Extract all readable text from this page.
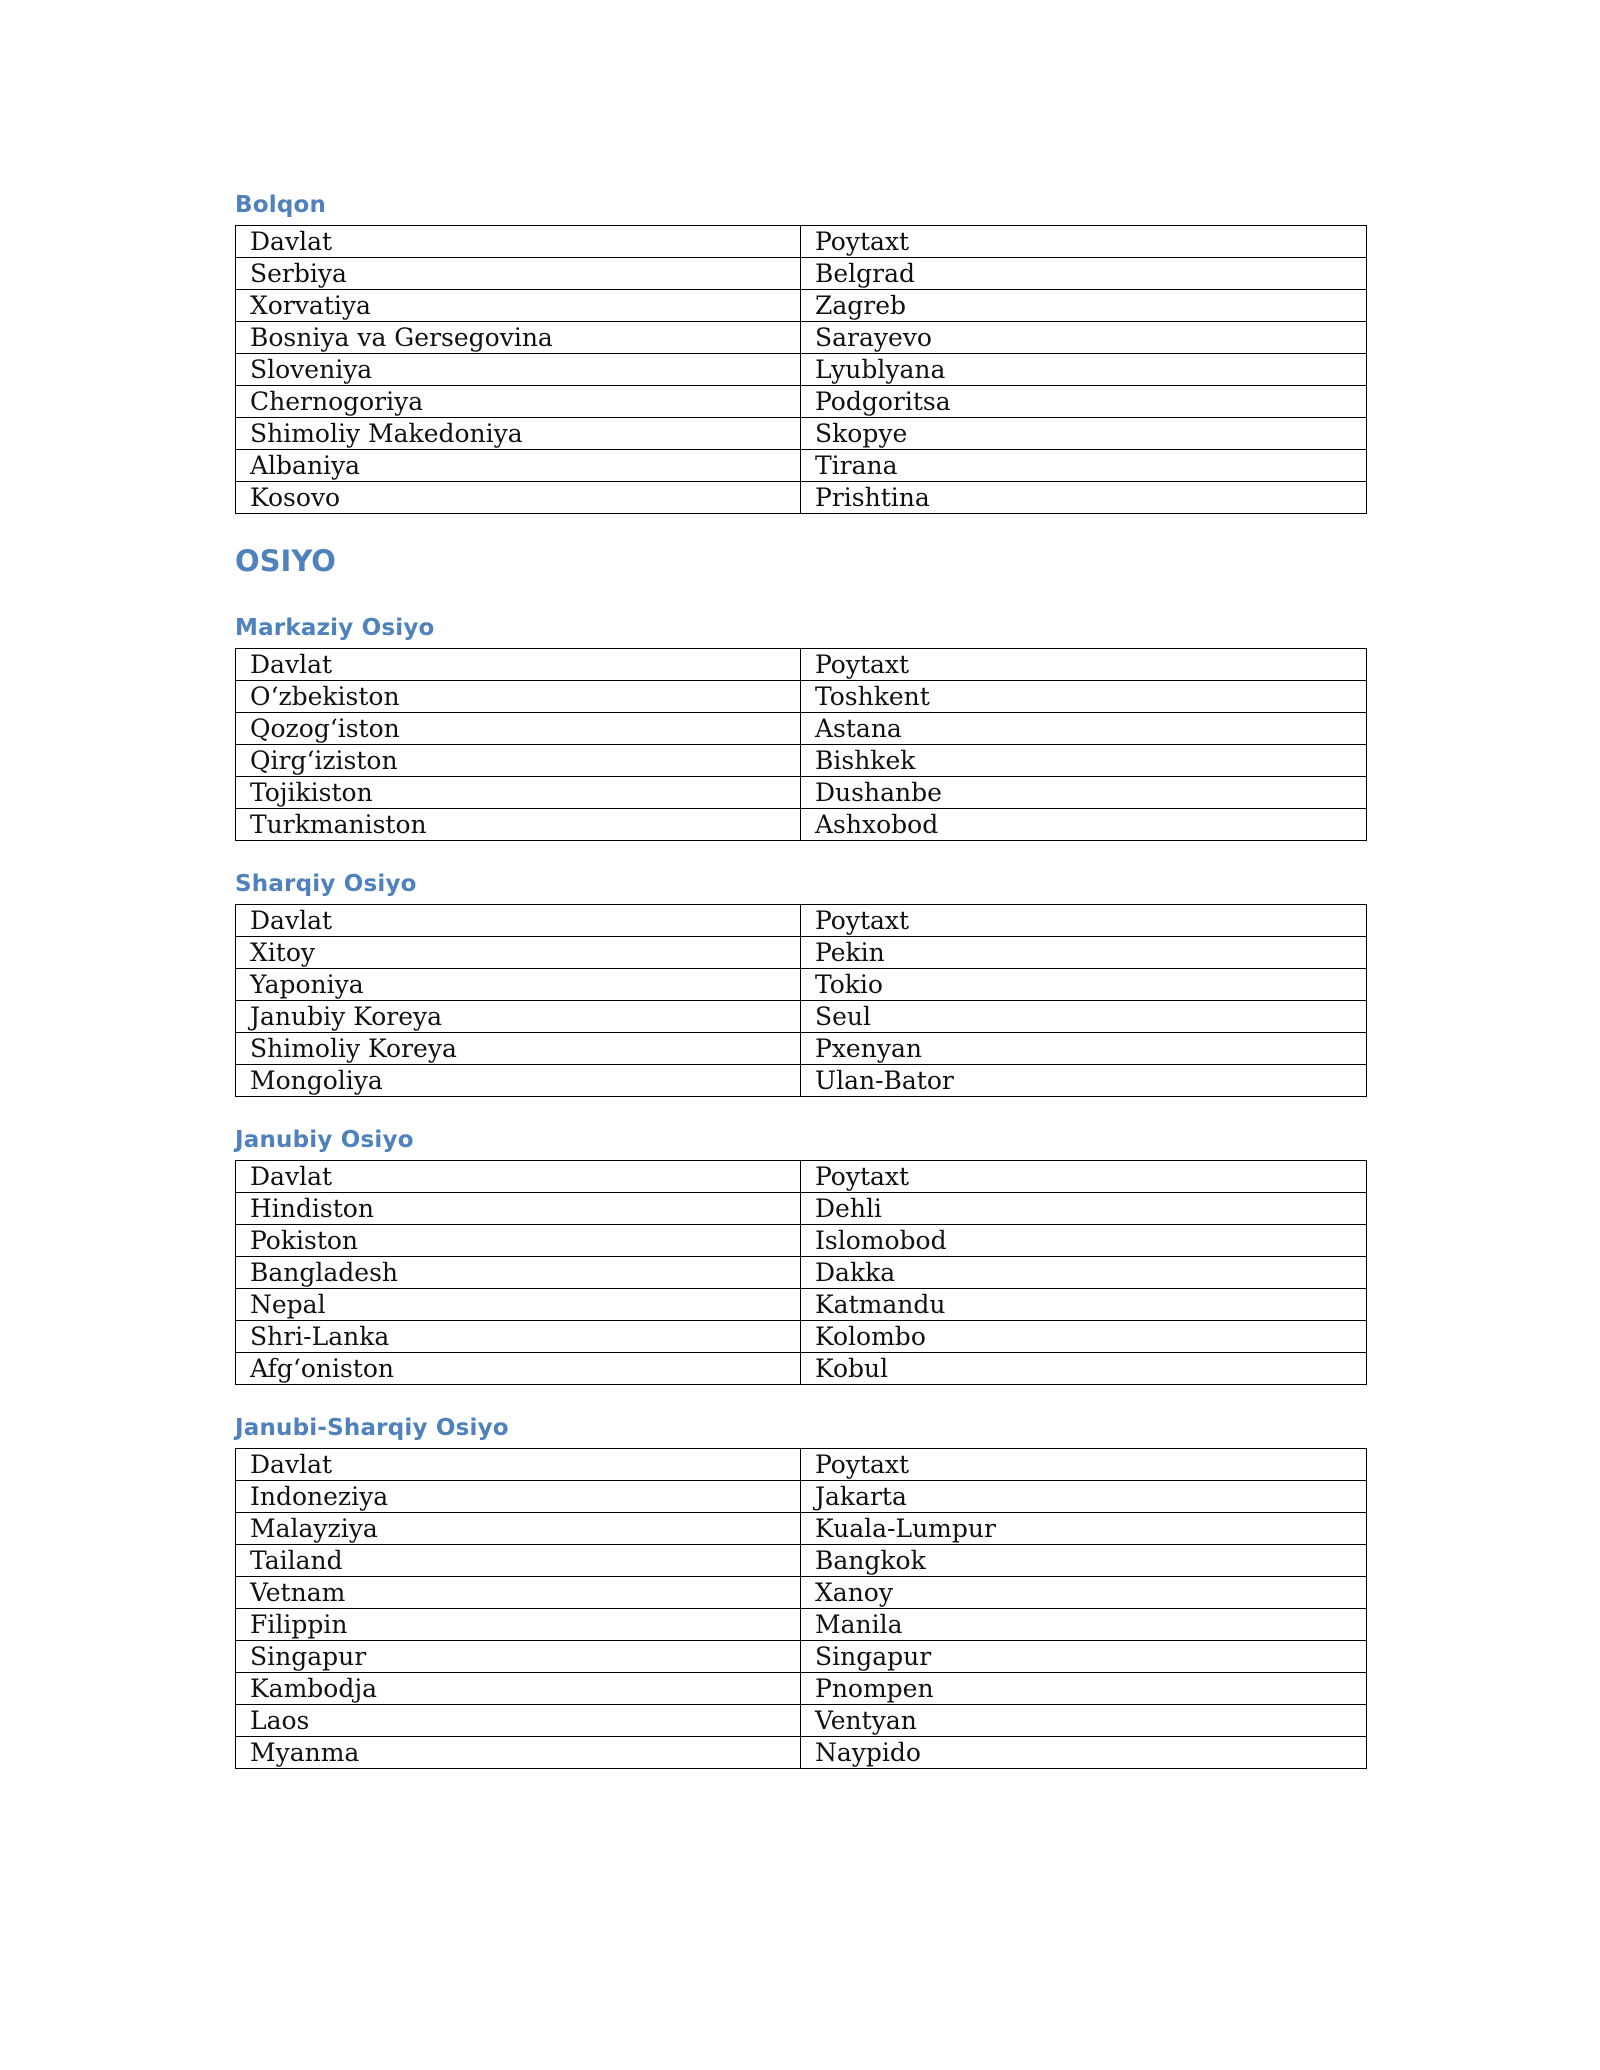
Bolqon
Davlat	Poytaxt
Serbiya	Belgrad
Xorvatiya	Zagreb
Bosniya va Gersegovina	Sarayevo
Sloveniya	Lyublyana
Chernogoriya	Podgoritsa
Shimoliy Makedoniya	Skopye
Albaniya	Tirana
Kosovo	Prishtina
OSIYO
Markaziy Osiyo
Davlat	Poytaxt
O‘zbekiston	Toshkent
Qozog‘iston	Astana
Qirg‘iziston	Bishkek
Tojikiston	Dushanbe
Turkmaniston	Ashxobod
Sharqiy Osiyo
Davlat	Poytaxt
Xitoy	Pekin
Yaponiya	Tokio
Janubiy Koreya	Seul
Shimoliy Koreya	Pxenyan
Mongoliya	Ulan-Bator
Janubiy Osiyo
Davlat	Poytaxt
Hindiston	Dehli
Pokiston	Islomobod
Bangladesh	Dakka
Nepal	Katmandu
Shri-Lanka	Kolombo
Afg‘oniston	Kobul
Janubi-Sharqiy Osiyo
Davlat	Poytaxt
Indoneziya	Jakarta
Malayziya	Kuala-Lumpur
Tailand	Bangkok
Vetnam	Xanoy
Filippin	Manila
Singapur	Singapur
Kambodja	Pnompen
Laos	Ventyan
Myanma	Naypido
